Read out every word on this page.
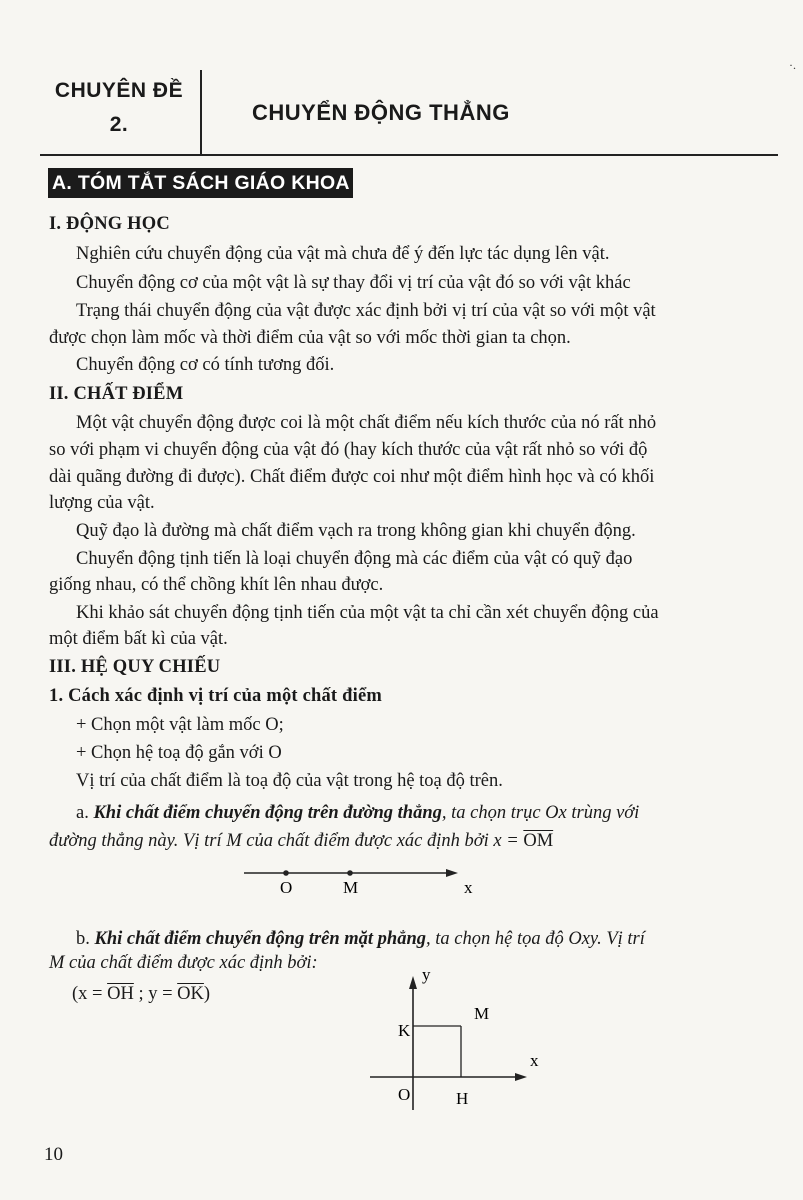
·.
CHUYÊN ĐỀ

2.	CHUYỂN ĐỘNG THẲNG
A. TÓM TẮT SÁCH GIÁO KHOA
I. ĐỘNG HỌC
Nghiên cứu chuyển động của vật mà chưa để ý đến lực tác dụng lên vật.
Chuyển động cơ của một vật là sự thay đổi vị trí của vật đó so với vật khác
Trạng thái chuyển động của vật được xác định bởi vị trí của vật so với một vật
được chọn làm mốc và thời điểm của vật so với mốc thời gian ta chọn.
Chuyển động cơ có tính tương đối.
II. CHẤT ĐIỂM
Một vật chuyển động được coi là một chất điểm nếu kích thước của nó rất nhỏ
so với phạm vi chuyển động của vật đó (hay kích thước của vật rất nhỏ so với độ
dài quãng đường đi được). Chất điểm được coi như một điểm hình học và có khối
lượng của vật.
Quỹ đạo là đường mà chất điểm vạch ra trong không gian khi chuyển động.
Chuyển động tịnh tiến là loại chuyển động mà các điểm của vật có quỹ đạo
giống nhau, có thể chồng khít lên nhau được.
Khi khảo sát chuyển động tịnh tiến của một vật ta chỉ cần xét chuyển động của
một điểm bất kì của vật.
III. HỆ QUY CHIẾU
1. Cách xác định vị trí của một chất điểm
+ Chọn một vật làm mốc O;
+ Chọn hệ toạ độ gắn với O
Vị trí của chất điểm là toạ độ của vật trong hệ toạ độ trên.
a. Khi chất điểm chuyển động trên đường thẳng, ta chọn trục Ox trùng với
đường thẳng này. Vị trí M của chất điểm được xác định bởi $x = \overline{OM}$
O	M	x
b. Khi chất điểm chuyển động trên mặt phẳng, ta chọn hệ tọa độ Oxy. Vị trí
M của chất điểm được xác định bởi:
($x = \overline{OH}$ ; $y = \overline{OK}$)
y
x
K
M
O	H
10
